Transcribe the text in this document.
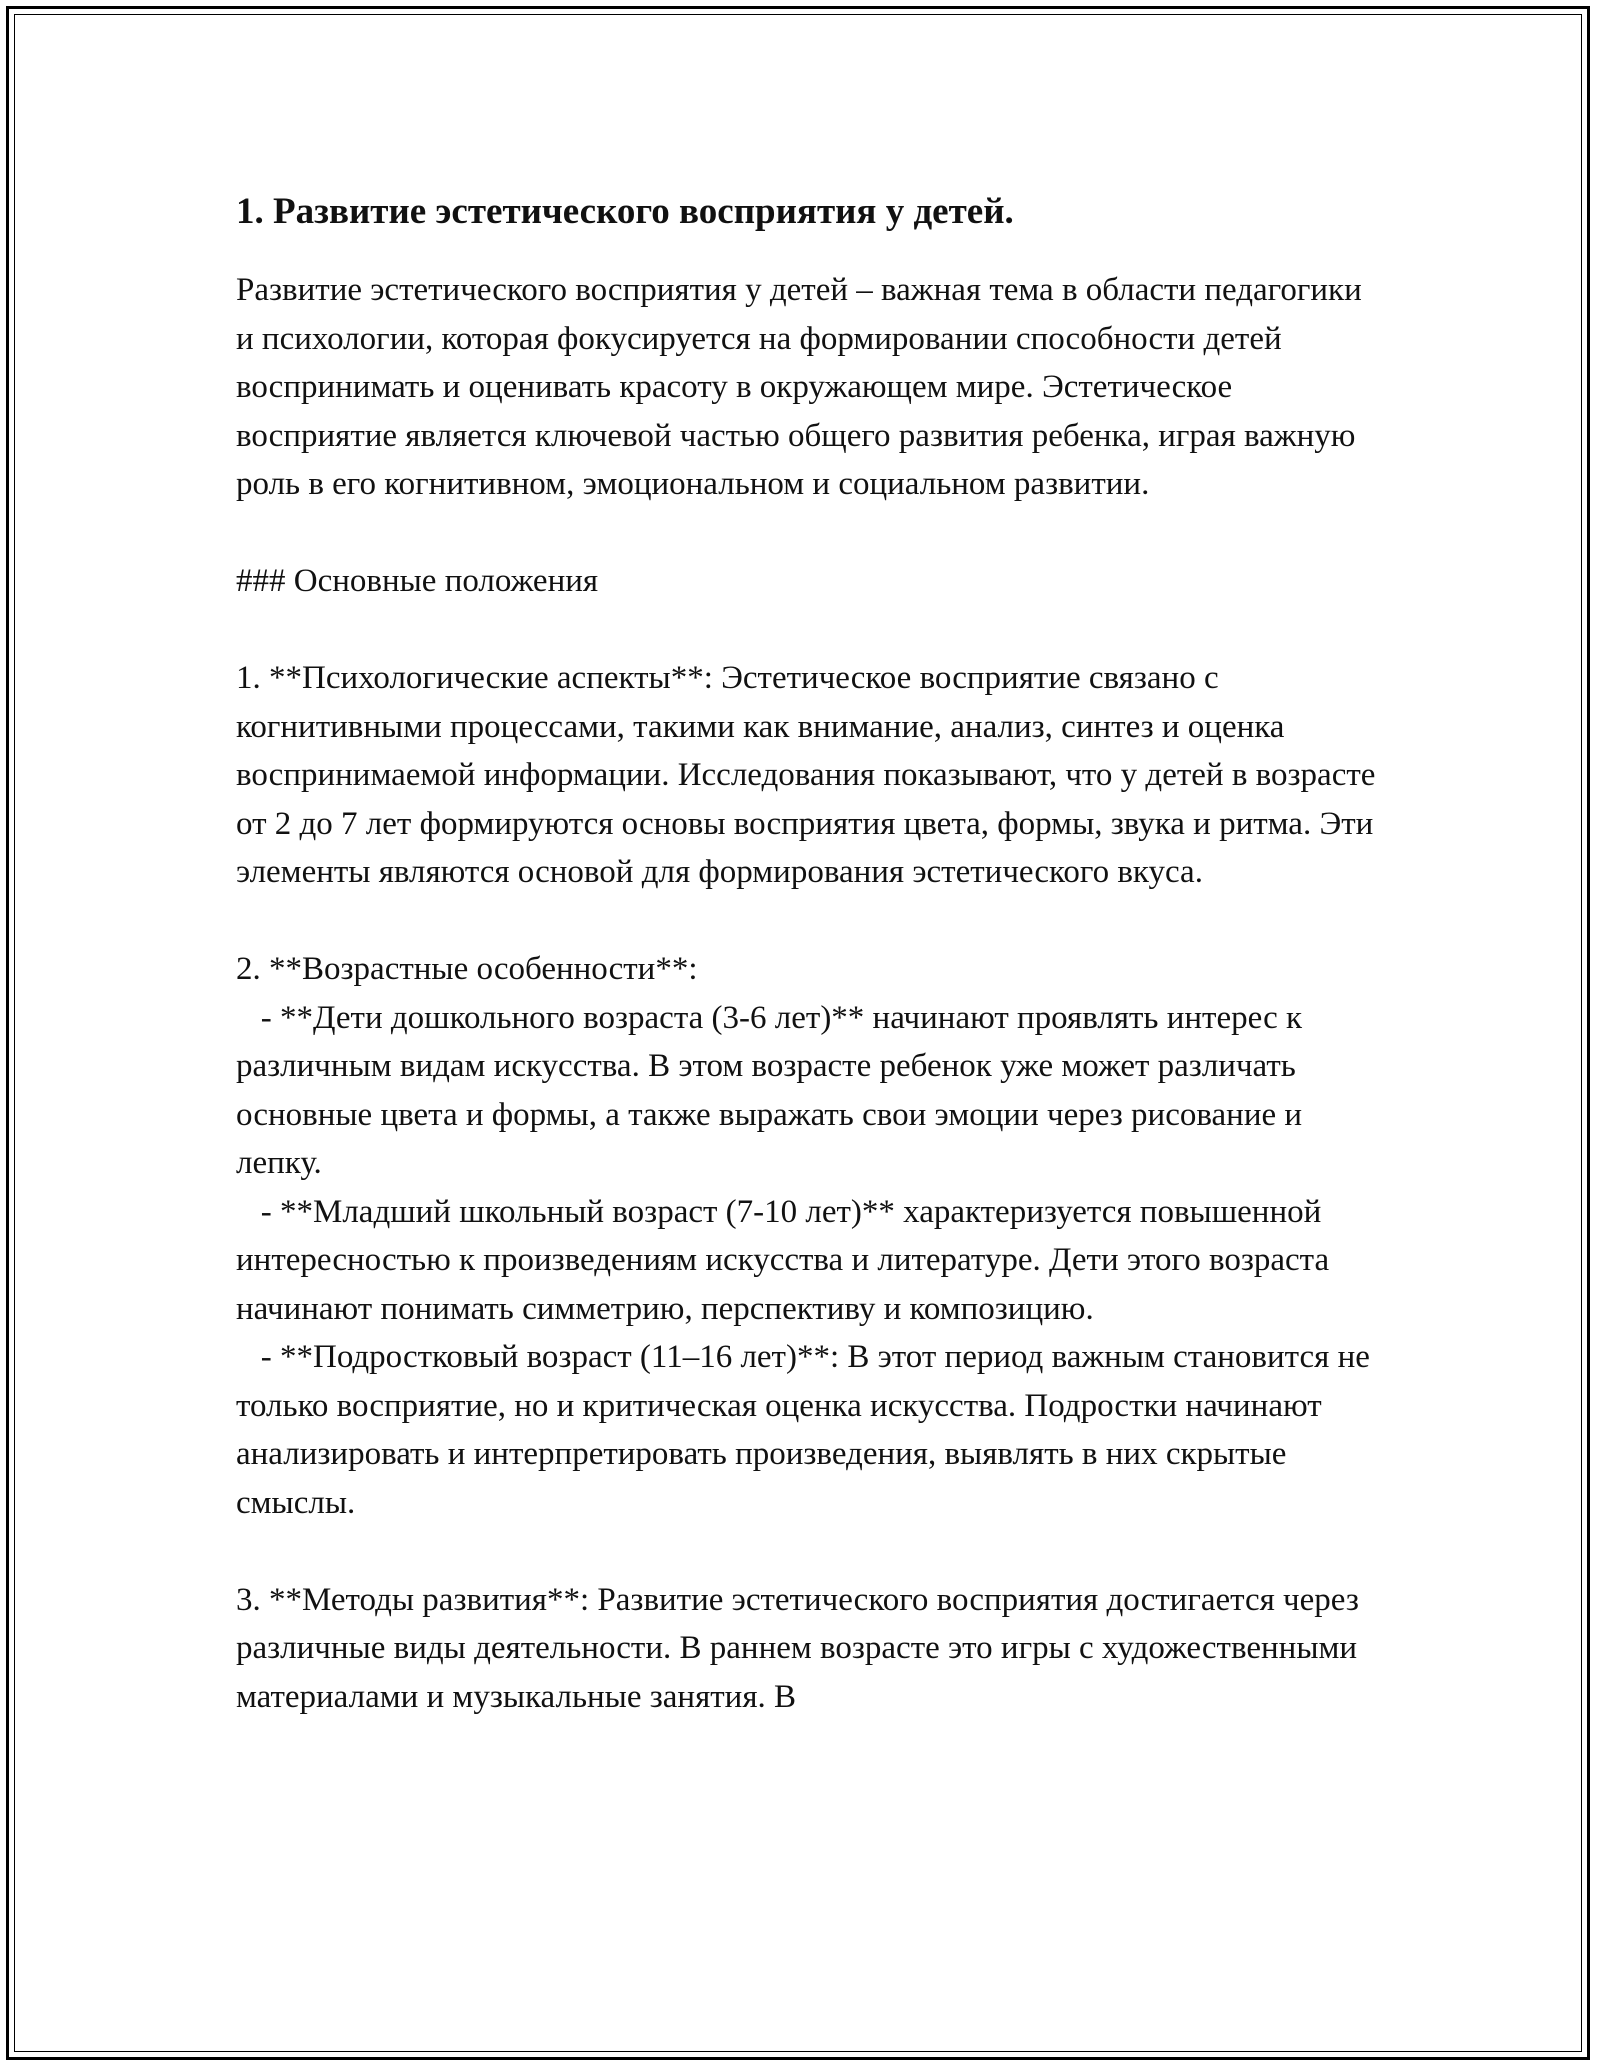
1. Развитие эстетического восприятия у детей.

Развитие эстетического восприятия у детей – важная тема в области педагогики и психологии, которая фокусируется на формировании способности детей воспринимать и оценивать красоту в окружающем мире. Эстетическое восприятие является ключевой частью общего развития ребенка, играя важную роль в его когнитивном, эмоциональном и социальном развитии.

### Основные положения

1. **Психологические аспекты**: Эстетическое восприятие связано с когнитивными процессами, такими как внимание, анализ, синтез и оценка воспринимаемой информации. Исследования показывают, что у детей в возрасте от 2 до 7 лет формируются основы восприятия цвета, формы, звука и ритма. Эти элементы являются основой для формирования эстетического вкуса.

2. **Возрастные особенности**:

- **Дети дошкольного возраста (3-6 лет)** начинают проявлять интерес к различным видам искусства. В этом возрасте ребенок уже может различать основные цвета и формы, а также выражать свои эмоции через рисование и лепку.

- **Младший школьный возраст (7-10 лет)** характеризуется повышенной интересностью к произведениям искусства и литературе. Дети этого возраста начинают понимать симметрию, перспективу и композицию.

- **Подростковый возраст (11–16 лет)**: В этот период важным становится не только восприятие, но и критическая оценка искусства. Подростки начинают анализировать и интерпретировать произведения, выявлять в них скрытые смыслы.

3. **Методы развития**: Развитие эстетического восприятия достигается через различные виды деятельности. В раннем возрасте это игры с художественными материалами и музыкальные занятия. В
